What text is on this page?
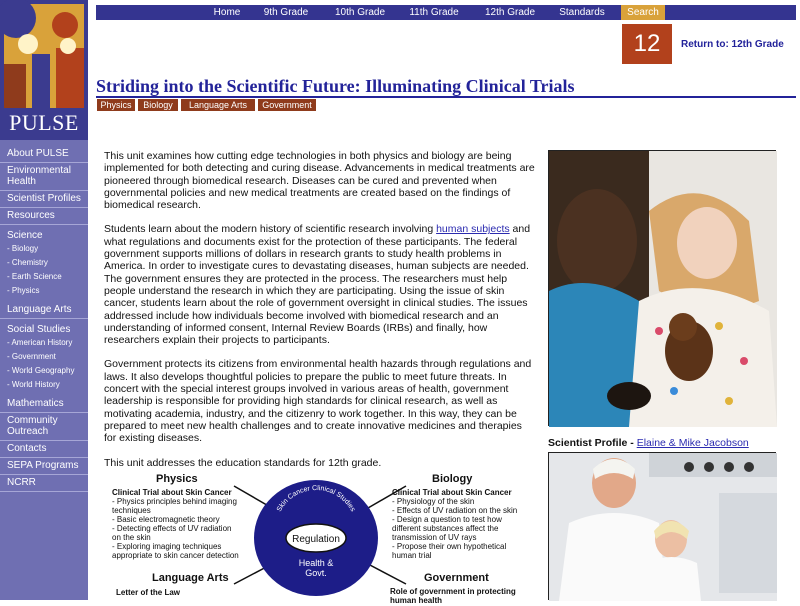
PULSE
About PULSE
Environmental Health
Scientist Profiles
Resources
Science
- Biology
- Chemistry
- Earth Science
- Physics
Language Arts
Social Studies
- American History
- Government
- World Geography
- World History
Mathematics
Community Outreach
Contacts
SEPA Programs
NCRR
Home	9th Grade	10th Grade	11th Grade	12th Grade	Standards	Search
12	Return to: 12th Grade
Striding into the Scientific Future: Illuminating Clinical Trials
Physics	Biology	Language Arts	Government

This unit examines how cutting edge technologies in both physics and biology are being implemented for both detecting and curing disease. Advancements in medical treatments are pioneered through biomedical research. Diseases can be cured and prevented when governmental policies and new medical treatments are created based on the findings of biomedical research.

Students learn about the modern history of scientific research involving human subjects and what regulations and documents exist for the protection of these participants. The federal government supports millions of dollars in research grants to study health problems in America. In order to investigate cures to devastating diseases, human subjects are needed. The government ensures they are protected in the process. The researchers must help people understand the research in which they are participating. Using the issue of skin cancer, students learn about the role of government oversight in clinical studies. The issues addressed include how individuals become involved with biomedical research and an understanding of informed consent, Internal Review Boards (IRBs) and finally, how researchers explain their projects to participants.

Government protects its citizens from environmental health hazards through regulations and laws. It also develops thoughtful policies to prepare the public to meet future threats. In concert with the special interest groups involved in various areas of health, government leadership is responsible for providing high standards for clinical research, as well as motivating academia, industry, and the citizenry to work together. In this way, they can be prepared to meet new health challenges and to create innovative medicines and therapies for existing diseases.

This unit addresses the education standards for 12th grade.

Scientist Profile - Elaine & Mike Jacobson
Protecting Human Subjects:
Skin Cancer Clinical Studies
Regulation
Health &
Govt.
Physics
Clinical Trial about Skin Cancer
- Physics principles behind imaging
techniques
- Basic electromagnetic theory
- Detecting effects of UV radiation
on the skin
- Exploring imaging techniques
appropriate to skin cancer detection
Biology
Clinical Trial about Skin Cancer
- Physiology of the skin
- Effects of UV radiation on the skin
- Design a question to test how
different substances affect the
transmission of UV rays
- Propose their own hypothetical
human trial
Language Arts
Letter of the Law
Government
Role of government in protecting
human health
